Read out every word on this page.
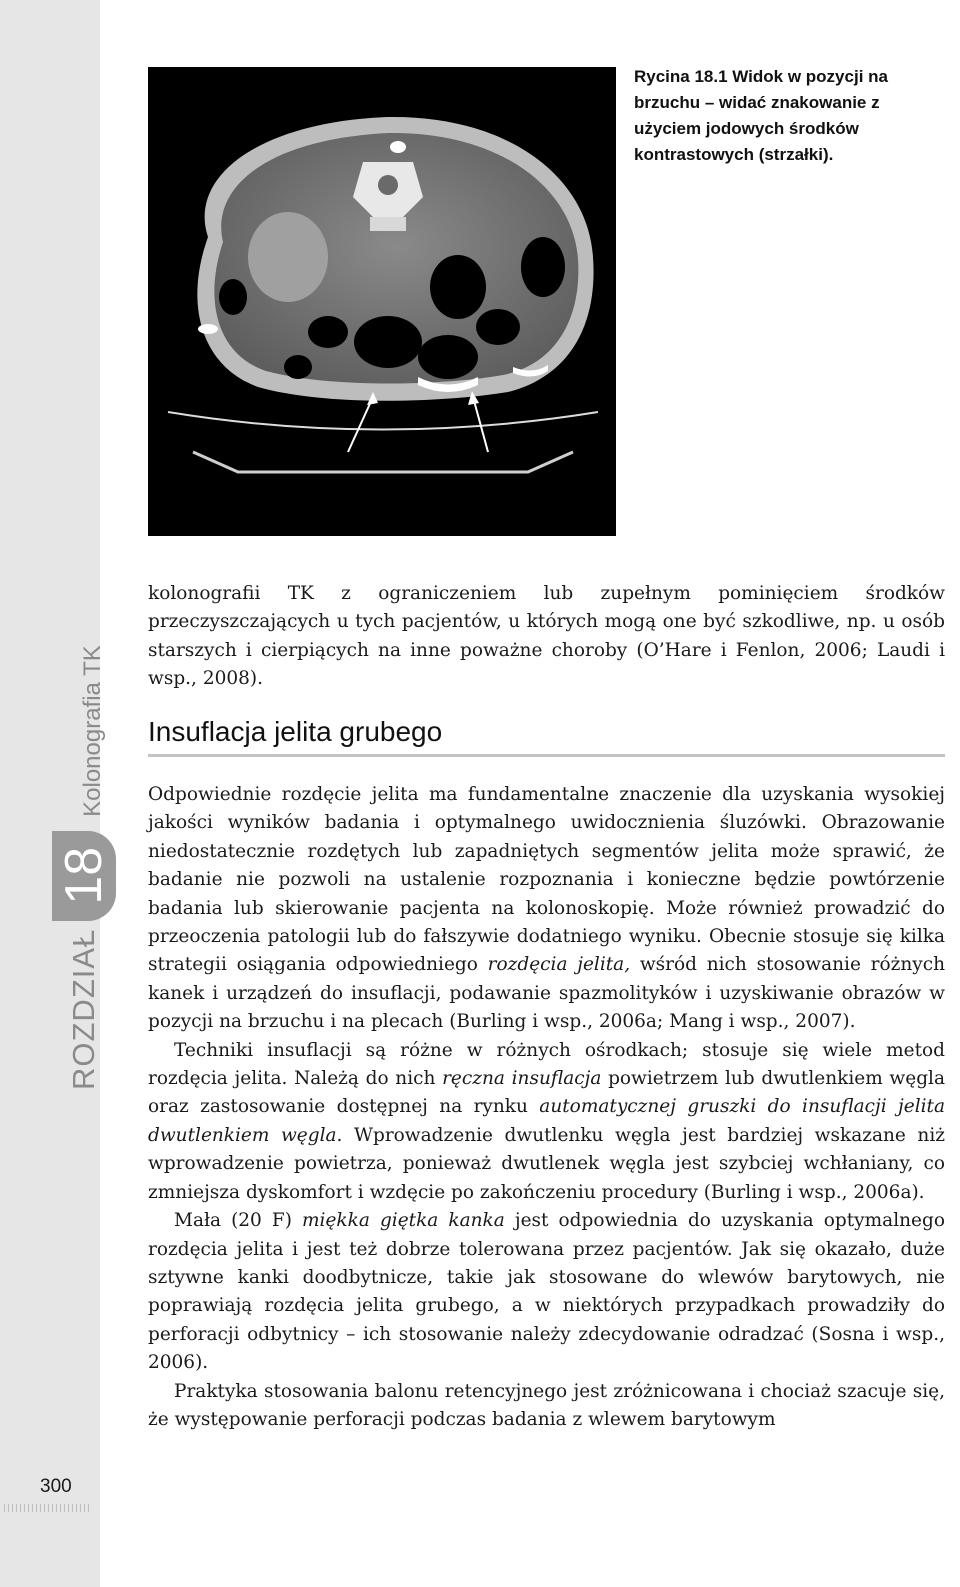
ROZDZIAŁ
18
Kolonografia TK
300
Rycina 18.1 Widok w pozycji na brzuchu – widać znakowanie z użyciem jodowych środków kontrastowych (strzałki).

kolonografii TK z ograniczeniem lub zupełnym pominięciem środków przeczyszczających u tych pacjentów, u których mogą one być szkodliwe, np. u osób starszych i cierpiących na inne poważne choroby (O’Hare i Fenlon, 2006; Laudi i wsp., 2008).

Insuflacja jelita grubego

Odpowiednie rozdęcie jelita ma fundamentalne znaczenie dla uzyskania wysokiej jakości wyników badania i optymalnego uwidocznienia śluzówki. Obrazowanie niedostatecznie rozdętych lub zapadniętych segmentów jelita może sprawić, że badanie nie pozwoli na ustalenie rozpoznania i konieczne będzie powtórzenie badania lub skierowanie pacjenta na kolonoskopię. Może również prowadzić do przeoczenia patologii lub do fałszywie dodatniego wyniku. Obecnie stosuje się kilka strategii osiągania odpowiedniego rozdęcia jelita, wśród nich stosowanie różnych kanek i urządzeń do insuflacji, podawanie spazmolityków i uzyskiwanie obrazów w pozycji na brzuchu i na plecach (Burling i wsp., 2006a; Mang i wsp., 2007).

Techniki insuflacji są różne w różnych ośrodkach; stosuje się wiele metod rozdęcia jelita. Należą do nich ręczna insuflacja powietrzem lub dwutlenkiem węgla oraz zastosowanie dostępnej na rynku automatycznej gruszki do insuflacji jelita dwutlenkiem węgla. Wprowadzenie dwutlenku węgla jest bardziej wskazane niż wprowadzenie powietrza, ponieważ dwutlenek węgla jest szybciej wchłaniany, co zmniejsza dyskomfort i wzdęcie po zakończeniu procedury (Burling i wsp., 2006a).

Mała (20 F) miękka giętka kanka jest odpowiednia do uzyskania optymalnego rozdęcia jelita i jest też dobrze tolerowana przez pacjentów. Jak się okazało, duże sztywne kanki doodbytnicze, takie jak stosowane do wlewów barytowych, nie poprawiają rozdęcia jelita grubego, a w niektórych przypadkach prowadziły do perforacji odbytnicy – ich stosowanie należy zdecydowanie odradzać (Sosna i wsp., 2006).

Praktyka stosowania balonu retencyjnego jest zróżnicowana i chociaż szacuje się, że występowanie perforacji podczas badania z wlewem barytowym
